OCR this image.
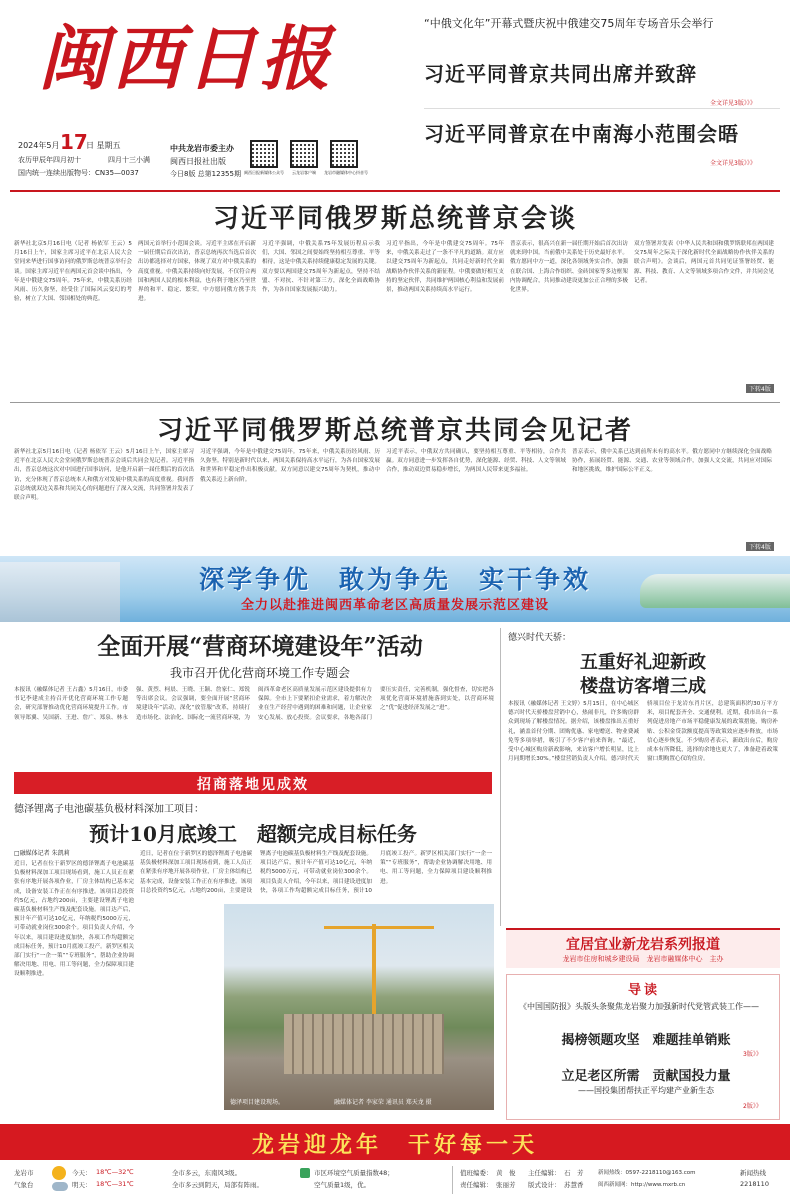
闽西日报
2024年5月 17
日 星期五
农历甲辰年四月初十	四月十三小满
国内统一连续出版物号：CN35—0037
中共龙岩市委主办
闽西日报社出版
今日8版 总第12355期 闽西日报新媒体公众号	云龙岩客户端	龙岩市融媒体中心抖音号
“中俄文化年”开幕式暨庆祝中俄建交75周年专场音乐会举行
习近平同普京共同出席并致辞
全文详见3版》》》
习近平同普京在中南海小范围会晤
全文详见3版》》》
习近平同俄罗斯总统普京会谈
新华社北京5月16日电（记者 杨依军 王云）5月16日上午，国家主席习近平在北京人民大会堂同来华进行国事访问的俄罗斯总统普京举行会谈。国家主席习近平在两国元首会谈中指出，今年是中俄建交75周年。75年来，中俄关系历经风雨、历久弥坚，经受住了国际风云变幻的考验，树立了大国、邻国相处的典范。
两国元首举行小范围会谈。习近平主席在开启新一届任期后首次出访，普京总统再次当选后首次出访都选择对方国家，体现了双方对中俄关系的高度重视。中俄关系持续向好发展，不仅符合两国和两国人民的根本利益，也有利于地区乃至世界的和平、稳定、繁荣。中方愿同俄方携手共进。
习近平强调，中俄关系75年发展历程启示我们，大国、邻国之间要始终坚持相互尊重、平等相待，这是中俄关系持续健康稳定发展的关键。双方要以两国建交75周年为新起点，坚持不结盟、不对抗、不针对第三方，深化全面战略协作，为各自国家发展振兴助力。
习近平指出，今年是中俄建交75周年。75年来，中俄关系走过了一条不平凡的道路。双方应以建交75周年为新起点，共同走好新时代全面战略协作伙伴关系的新征程。中俄要做好相互支持的坚定伙伴，共同维护两国核心利益和发展前景，推动两国关系持续高水平运行。
普京表示，很高兴在新一届任期开始后首次出访就来到中国。当前俄中关系处于历史最好水平。俄方愿同中方一道，深化各领域务实合作，加强在联合国、上海合作组织、金砖国家等多边框架内协调配合，共同推动建设更加公正合理的多极化世界。
双方签署并发表《中华人民共和国和俄罗斯联邦在两国建交75周年之际关于深化新时代全面战略协作伙伴关系的联合声明》。会谈后，两国元首共同见证签署经贸、能源、科技、教育、人文等领域多项合作文件，并共同会见记者。
下转4版
习近平同俄罗斯总统普京共同会见记者
新华社北京5月16日电（记者 杨依军 王云）5月16日上午，国家主席习近平在北京人民大会堂同俄罗斯总统普京会谈后共同会见记者。习近平指出，普京总统这次对中国进行国事访问，是他开启新一届任期后的首次出访，充分体现了普京总统本人和俄方对发展中俄关系的高度重视。我同普京总统就双边关系和共同关心的问题进行了深入交流，共同签署并发表了联合声明。
习近平强调，今年是中俄建交75周年。75年来，中俄关系历经风雨、历久弥坚。特别是新时代以来，两国关系保持高水平运行，为各自国家发展和世界和平稳定作出积极贡献。双方同意以建交75周年为契机，推动中俄关系迈上新台阶。
习近平表示，中俄双方共同确认，要坚持相互尊重、平等相待，合作共赢。双方同意进一步发挥各自优势，深化能源、经贸、科技、人文等领域合作，推动双边贸易稳步增长，为两国人民带来更多福祉。
普京表示，俄中关系已达到前所未有的高水平。俄方愿同中方继续深化全面战略协作，拓展经贸、能源、交通、农业等领域合作，加强人文交流，共同应对国际和地区挑战，维护国际公平正义。
下转4版
深学争优　敢为争先　实干争效
全力以赴推进闽西革命老区高质量发展示范区建设
全面开展“营商环境建设年”活动
我市召开优化营商环境工作专题会
本报讯（融媒体记者 王占鑫）5月16日，市委书记李建成主持召开优化营商环境工作专题会，研究部署推动优化营商环境提升工作。市领导郑翼、吴国新、王进、詹广、郑泉、林永强、黄烈、柯晨、王晓、王颖、詹家仁、郑锐等出席会议。会议强调，要全面开展“营商环境建设年”活动，深化“放管服”改革，持续打造市场化、法治化、国际化一流营商环境，为闽西革命老区高质量发展示范区建设提供有力保障。全市上下要紧扣企业需求，着力解决企业在生产经营中遇到的困难和问题，让企业家安心发展、放心投资。会议要求，各地各部门要压实责任，完善机制，强化督查，切实把各项优化营商环境措施落到实处，以营商环境之“优”促进经济发展之“进”。
德兴时代天骄：
五重好礼迎新政
楼盘访客增三成
本报讯（融媒体记者 王文婷）5月15日，在中心城区德兴时代天骄楼盘营销中心，热闹非凡，许多购房群众到现场了解楼盘情况。据介绍，该楼盘推出五重好礼，涵盖首付分期、团购优惠、家电赠送、物业费减免等多项举措，吸引了不少客户前来咨询。“最近，受中心城区购房新政影响，来访客户增长明显，比上月同期增长30%。”楼盘营销负责人介绍。德兴时代天骄项目位于龙岩东肖片区，总建筑面积约30万平方米，项目配套齐全、交通便利。近期，我市出台一系列促进房地产市场平稳健康发展的政策措施，购房补贴、公积金贷款额度提高等政策效应逐步释放，市场信心逐步恢复。不少购房者表示，新政出台后，购房成本有所降低，选择的余地也更大了，准备趁着政策窗口期购置心仪的住房。
招商落地见成效
德泽锂离子电池碳基负极材料深加工项目：
预计10月底竣工　超额完成目标任务
□融媒体记者 朱凯莉
近日，记者在位于新罗区的德泽锂离子电池碳基负极材料深加工项目现场看到，施工人员正在紧张有序地开展各项作业，厂房主体结构已基本完成，设备安装工作正在有序推进。该项目总投资约5亿元，占地约200亩，主要建设锂离子电池碳基负极材料生产线及配套设施。项目达产后，预计年产值可达10亿元，年纳税约5000万元，可带动就业岗位300余个。项目负责人介绍，今年以来，项目建设进度加快，各项工作均超额完成目标任务，预计10月底竣工投产。新罗区相关部门实行“一企一策”“专班服务”，帮助企业协调解决用地、用电、用工等问题，全力保障项目建设顺利推进。
近日，记者在位于新罗区的德泽锂离子电池碳基负极材料深加工项目现场看到，施工人员正在紧张有序地开展各项作业，厂房主体结构已基本完成，设备安装工作正在有序推进。该项目总投资约5亿元，占地约200亩，主要建设锂离子电池碳基负极材料生产线及配套设施。项目达产后，预计年产值可达10亿元，年纳税约5000万元，可带动就业岗位300余个。项目负责人介绍，今年以来，项目建设进度加快，各项工作均超额完成目标任务，预计10月底竣工投产。新罗区相关部门实行“一企一策”“专班服务”，帮助企业协调解决用地、用电、用工等问题，全力保障项目建设顺利推进。
德泽项目建设现场。	融媒体记者 李家荣 通讯员 郑天龙 摄
宜居宜业新龙岩系列报道
龙岩市住房和城乡建设局　龙岩市融媒体中心　主办
导读
《中国国防报》头版头条聚焦龙岩聚力加强新时代党管武装工作——
揭榜领题攻坚　难题挂单销账
3版》》
立足老区所需　贡献国投力量
——国投集团帮扶正平均建产业新生态
2版》》
龙岩迎龙年　干好每一天
龙岩市
气象台
今天： 18℃—32℃
明天： 18℃—31℃
全市多云，东南风3级。
全市多云到阴天，局部有阵雨。
市区环境空气质量指数48；
空气质量1级，优。
值班编委： 黄　俊
责任编辑： 张丽芳
主任编辑： 石　芳
版式设计： 苏慧香
新闻热线：0597-2218110@163.com
闽西新闻网：http://www.mxrb.cn
新闻热线
2218110
